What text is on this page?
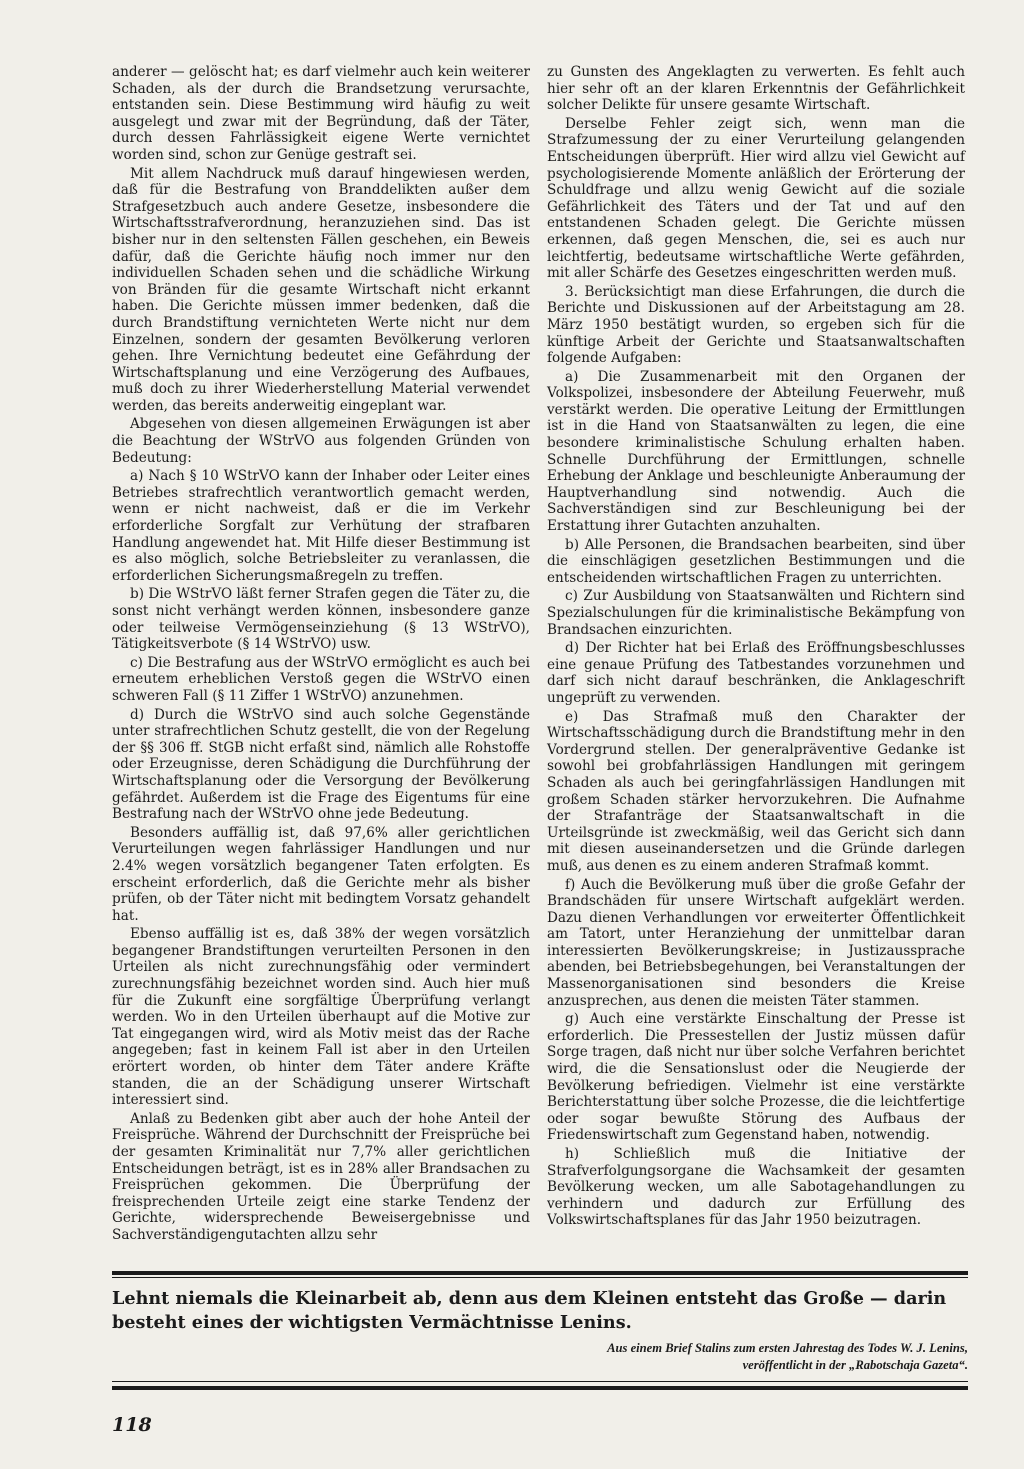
anderer — gelöscht hat; es darf vielmehr auch kein weiterer Schaden, als der durch die Brandsetzung verursachte, entstanden sein. Diese Bestimmung wird häufig zu weit ausgelegt und zwar mit der Begründung, daß der Täter, durch dessen Fahrlässigkeit eigene Werte vernichtet worden sind, schon zur Genüge gestraft sei.

Mit allem Nachdruck muß darauf hingewiesen werden, daß für die Bestrafung von Branddelikten außer dem Strafgesetzbuch auch andere Gesetze, insbesondere die Wirtschaftsstrafverordnung, heranzuziehen sind. Das ist bisher nur in den seltensten Fällen geschehen, ein Beweis dafür, daß die Gerichte häufig noch immer nur den individuellen Schaden sehen und die schädliche Wirkung von Bränden für die gesamte Wirtschaft nicht erkannt haben. Die Gerichte müssen immer bedenken, daß die durch Brandstiftung vernichteten Werte nicht nur dem Einzelnen, sondern der gesamten Bevölkerung verloren gehen. Ihre Vernichtung bedeutet eine Gefährdung der Wirtschaftsplanung und eine Verzögerung des Aufbaues, muß doch zu ihrer Wiederherstellung Material verwendet werden, das bereits anderweitig eingeplant war.

Abgesehen von diesen allgemeinen Erwägungen ist aber die Beachtung der WStrVO aus folgenden Gründen von Bedeutung:

a) Nach § 10 WStrVO kann der Inhaber oder Leiter eines Betriebes strafrechtlich verantwortlich gemacht werden, wenn er nicht nachweist, daß er die im Verkehr erforderliche Sorgfalt zur Verhütung der strafbaren Handlung angewendet hat. Mit Hilfe dieser Bestimmung ist es also möglich, solche Betriebsleiter zu veranlassen, die erforderlichen Sicherungsmaßregeln zu treffen.

b) Die WStrVO läßt ferner Strafen gegen die Täter zu, die sonst nicht verhängt werden können, insbesondere ganze oder teilweise Vermögenseinziehung (§ 13 WStrVO), Tätigkeitsverbote (§ 14 WStrVO) usw.

c) Die Bestrafung aus der WStrVO ermöglicht es auch bei erneutem erheblichen Verstoß gegen die WStrVO einen schweren Fall (§ 11 Ziffer 1 WStrVO) anzunehmen.

d) Durch die WStrVO sind auch solche Gegenstände unter strafrechtlichen Schutz gestellt, die von der Regelung der §§ 306 ff. StGB nicht erfaßt sind, nämlich alle Rohstoffe oder Erzeugnisse, deren Schädigung die Durchführung der Wirtschaftsplanung oder die Versorgung der Bevölkerung gefährdet. Außerdem ist die Frage des Eigentums für eine Bestrafung nach der WStrVO ohne jede Bedeutung.

Besonders auffällig ist, daß 97,6% aller gerichtlichen Verurteilungen wegen fahrlässiger Handlungen und nur 2.4% wegen vorsätzlich begangener Taten erfolgten. Es erscheint erforderlich, daß die Gerichte mehr als bisher prüfen, ob der Täter nicht mit bedingtem Vorsatz gehandelt hat.

Ebenso auffällig ist es, daß 38% der wegen vorsätzlich begangener Brandstiftungen verurteilten Personen in den Urteilen als nicht zurechnungsfähig oder vermindert zurechnungsfähig bezeichnet worden sind. Auch hier muß für die Zukunft eine sorgfältige Überprüfung verlangt werden. Wo in den Urteilen überhaupt auf die Motive zur Tat eingegangen wird, wird als Motiv meist das der Rache angegeben; fast in keinem Fall ist aber in den Urteilen erörtert worden, ob hinter dem Täter andere Kräfte standen, die an der Schädigung unserer Wirtschaft interessiert sind.

Anlaß zu Bedenken gibt aber auch der hohe Anteil der Freisprüche. Während der Durchschnitt der Freisprüche bei der gesamten Kriminalität nur 7,7% aller gerichtlichen Entscheidungen beträgt, ist es in 28% aller Brandsachen zu Freisprüchen gekommen. Die Überprüfung der freisprechenden Urteile zeigt eine starke Tendenz der Gerichte, widersprechende Beweisergebnisse und Sachverständigengutachten allzu sehr

zu Gunsten des Angeklagten zu verwerten. Es fehlt auch hier sehr oft an der klaren Erkenntnis der Gefährlichkeit solcher Delikte für unsere gesamte Wirtschaft.

Derselbe Fehler zeigt sich, wenn man die Strafzumessung der zu einer Verurteilung gelangenden Entscheidungen überprüft. Hier wird allzu viel Gewicht auf psychologisierende Momente anläßlich der Erörterung der Schuldfrage und allzu wenig Gewicht auf die soziale Gefährlichkeit des Täters und der Tat und auf den entstandenen Schaden gelegt. Die Gerichte müssen erkennen, daß gegen Menschen, die, sei es auch nur leichtfertig, bedeutsame wirtschaftliche Werte gefährden, mit aller Schärfe des Gesetzes eingeschritten werden muß.

3. Berücksichtigt man diese Erfahrungen, die durch die Berichte und Diskussionen auf der Arbeitstagung am 28. März 1950 bestätigt wurden, so ergeben sich für die künftige Arbeit der Gerichte und Staatsanwaltschaften folgende Aufgaben:

a) Die Zusammenarbeit mit den Organen der Volkspolizei, insbesondere der Abteilung Feuerwehr, muß verstärkt werden. Die operative Leitung der Ermittlungen ist in die Hand von Staatsanwälten zu legen, die eine besondere kriminalistische Schulung erhalten haben. Schnelle Durchführung der Ermittlungen, schnelle Erhebung der Anklage und beschleunigte Anberaumung der Hauptverhandlung sind notwendig. Auch die Sachverständigen sind zur Beschleunigung bei der Erstattung ihrer Gutachten anzuhalten.

b) Alle Personen, die Brandsachen bearbeiten, sind über die einschlägigen gesetzlichen Bestimmungen und die entscheidenden wirtschaftlichen Fragen zu unterrichten.

c) Zur Ausbildung von Staatsanwälten und Richtern sind Spezialschulungen für die kriminalistische Bekämpfung von Brandsachen einzurichten.

d) Der Richter hat bei Erlaß des Eröffnungsbeschlusses eine genaue Prüfung des Tatbestandes vorzunehmen und darf sich nicht darauf beschränken, die Anklageschrift ungeprüft zu verwenden.

e) Das Strafmaß muß den Charakter der Wirtschaftsschädigung durch die Brandstiftung mehr in den Vordergrund stellen. Der generalpräventive Gedanke ist sowohl bei grobfahrlässigen Handlungen mit geringem Schaden als auch bei geringfahrlässigen Handlungen mit großem Schaden stärker hervorzukehren. Die Aufnahme der Strafanträge der Staatsanwaltschaft in die Urteilsgründe ist zweckmäßig, weil das Gericht sich dann mit diesen auseinandersetzen und die Gründe darlegen muß, aus denen es zu einem anderen Strafmaß kommt.

f) Auch die Bevölkerung muß über die große Gefahr der Brandschäden für unsere Wirtschaft aufgeklärt werden. Dazu dienen Verhandlungen vor erweiterter Öffentlichkeit am Tatort, unter Heranziehung der unmittelbar daran interessierten Bevölkerungskreise; in Justizaussprache abenden, bei Betriebsbegehungen, bei Veranstaltungen der Massenorganisationen sind besonders die Kreise anzusprechen, aus denen die meisten Täter stammen.

g) Auch eine verstärkte Einschaltung der Presse ist erforderlich. Die Pressestellen der Justiz müssen dafür Sorge tragen, daß nicht nur über solche Verfahren berichtet wird, die die Sensationslust oder die Neugierde der Bevölkerung befriedigen. Vielmehr ist eine verstärkte Berichterstattung über solche Prozesse, die die leichtfertige oder sogar bewußte Störung des Aufbaus der Friedenswirtschaft zum Gegenstand haben, notwendig.

h) Schließlich muß die Initiative der Strafverfolgungsorgane die Wachsamkeit der gesamten Bevölkerung wecken, um alle Sabotagehandlungen zu verhindern und dadurch zur Erfüllung des Volkswirtschaftsplanes für das Jahr 1950 beizutragen.

Lehnt niemals die Kleinarbeit ab, denn aus dem Kleinen entsteht das Große — darin besteht eines der wichtigsten Vermächtnisse Lenins.
Aus einem Brief Stalins zum ersten Jahrestag des Todes W. J. Lenins,
veröffentlicht in der „Rabotschaja Gazeta“.
118
